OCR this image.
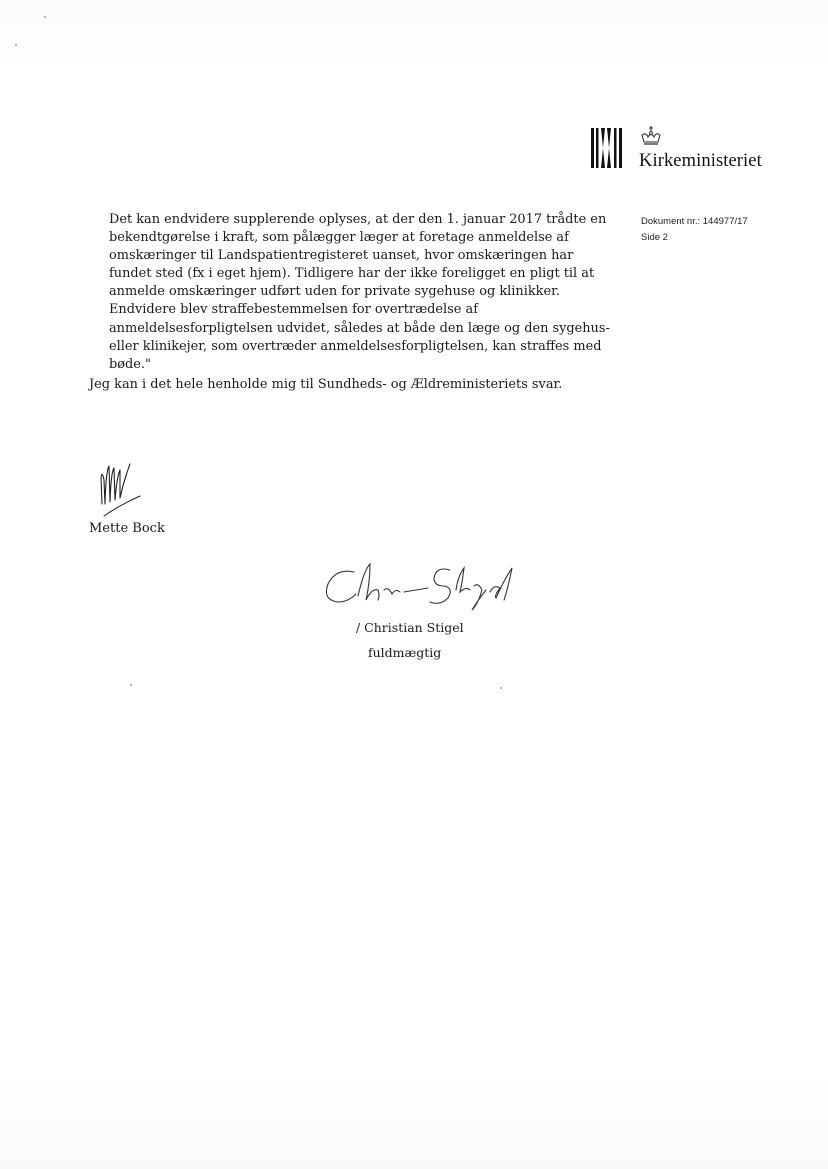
Kirkeministeriet
Dokument nr.: 144977/17
Side 2
Det kan endvidere supplerende oplyses, at der den 1. januar 2017 trådte en
bekendtgørelse i kraft, som pålægger læger at foretage anmeldelse af
omskæringer til Landspatientregisteret uanset, hvor omskæringen har
fundet sted (fx i eget hjem). Tidligere har der ikke foreligget en pligt til at
anmelde omskæringer udført uden for private sygehuse og klinikker.
Endvidere blev straffebestemmelsen for overtrædelse af
anmeldelsesforpligtelsen udvidet, således at både den læge og den sygehus-
eller klinikejer, som overtræder anmeldelsesforpligtelsen, kan straffes med
bøde."
Jeg kan i det hele henholde mig til Sundheds- og Ældreministeriets svar.
Mette Bock
/ Christian Stigel
fuldmægtig
